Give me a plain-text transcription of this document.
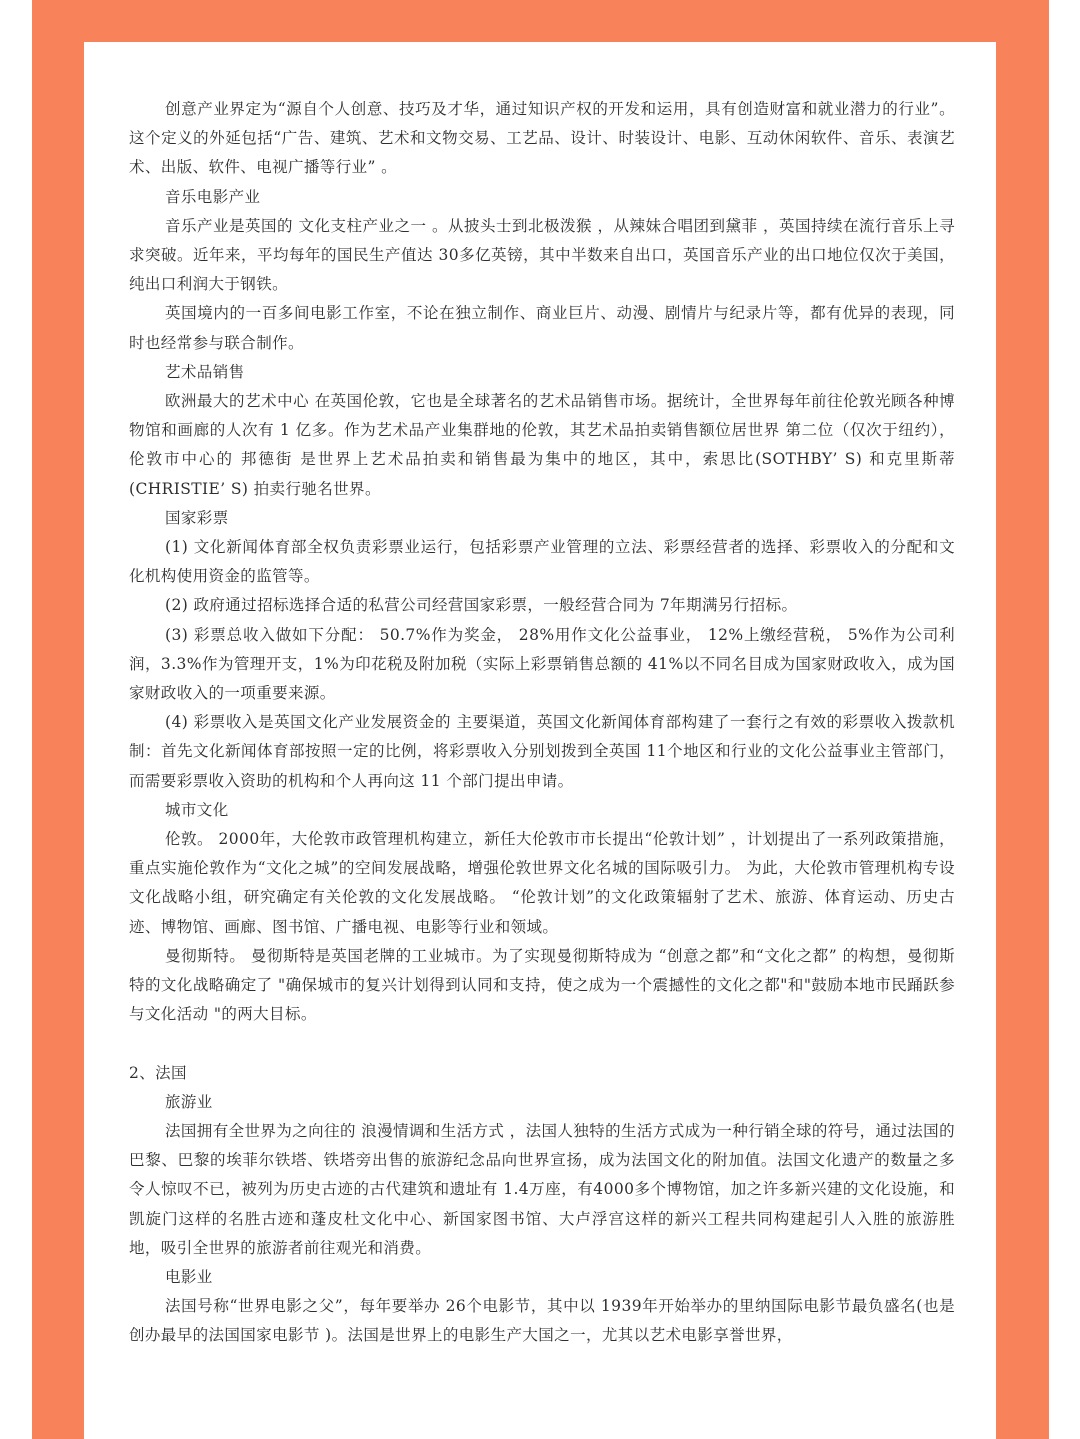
创意产业界定为“源自个人创意、技巧及才华，通过知识产权的开发和运用，具有创造财富和就业潜力的行业”。这个定义的外延包括“广告、建筑、艺术和文物交易、工艺品、设计、时装设计、电影、互动休闲软件、音乐、表演艺术、出版、软件、电视广播等行业” 。

音乐电影产业

音乐产业是英国的 文化支柱产业之一 。从披头士到北极泼猴 ，从辣妹合唱团到黛菲 ，英国持续在流行音乐上寻求突破。近年来，平均每年的国民生产值达 30多亿英镑，其中半数来自出口，英国音乐产业的出口地位仅次于美国，纯出口利润大于钢铁。

英国境内的一百多间电影工作室，不论在独立制作、商业巨片、动漫、剧情片与纪录片等，都有优异的表现，同时也经常参与联合制作。

艺术品销售

欧洲最大的艺术中心 在英国伦敦，它也是全球著名的艺术品销售市场。据统计，全世界每年前往伦敦光顾各种博物馆和画廊的人次有 1 亿多。作为艺术品产业集群地的伦敦，其艺术品拍卖销售额位居世界 第二位（仅次于纽约），伦敦市中心的 邦德街 是世界上艺术品拍卖和销售最为集中的地区，其中，索思比(SOTHBY’ S) 和克里斯蒂 (CHRISTIE’ S) 拍卖行驰名世界。

国家彩票

(1) 文化新闻体育部全权负责彩票业运行，包括彩票产业管理的立法、彩票经营者的选择、彩票收入的分配和文化机构使用资金的监管等。

(2) 政府通过招标选择合适的私营公司经营国家彩票，一般经营合同为 7年期满另行招标。

(3) 彩票总收入做如下分配： 50.7%作为奖金， 28%用作文化公益事业， 12%上缴经营税， 5%作为公司利润，3.3%作为管理开支，1%为印花税及附加税（实际上彩票销售总额的 41%以不同名目成为国家财政收入，成为国家财政收入的一项重要来源。

(4) 彩票收入是英国文化产业发展资金的 主要渠道，英国文化新闻体育部构建了一套行之有效的彩票收入拨款机制：首先文化新闻体育部按照一定的比例，将彩票收入分别划拨到全英国 11个地区和行业的文化公益事业主管部门，而需要彩票收入资助的机构和个人再向这 11 个部门提出申请。

城市文化

伦敦。 2000年，大伦敦市政管理机构建立，新任大伦敦市市长提出“伦敦计划” ，计划提出了一系列政策措施，重点实施伦敦作为“文化之城”的空间发展战略，增强伦敦世界文化名城的国际吸引力。 为此，大伦敦市管理机构专设文化战略小组，研究确定有关伦敦的文化发展战略。 “伦敦计划”的文化政策辐射了艺术、旅游、体育运动、历史古迹、博物馆、画廊、图书馆、广播电视、电影等行业和领域。

曼彻斯特。 曼彻斯特是英国老牌的工业城市。为了实现曼彻斯特成为 “创意之都”和“文化之都” 的构想，曼彻斯特的文化战略确定了 "确保城市的复兴计划得到认同和支持，使之成为一个震撼性的文化之都"和"鼓励本地市民踊跃参与文化活动 "的两大目标。

2、法国

旅游业

法国拥有全世界为之向往的 浪漫情调和生活方式 ，法国人独特的生活方式成为一种行销全球的符号，通过法国的巴黎、巴黎的埃菲尔铁塔、铁塔旁出售的旅游纪念品向世界宣扬，成为法国文化的附加值。法国文化遗产的数量之多令人惊叹不已，被列为历史古迹的古代建筑和遗址有 1.4万座，有4000多个博物馆，加之许多新兴建的文化设施，和凯旋门这样的名胜古迹和蓬皮杜文化中心、新国家图书馆、大卢浮宫这样的新兴工程共同构建起引人入胜的旅游胜地，吸引全世界的旅游者前往观光和消费。

电影业

法国号称“世界电影之父”，每年要举办 26个电影节，其中以 1939年开始举办的里纳国际电影节最负盛名(也是创办最早的法国国家电影节 )。法国是世界上的电影生产大国之一，尤其以艺术电影享誉世界，
